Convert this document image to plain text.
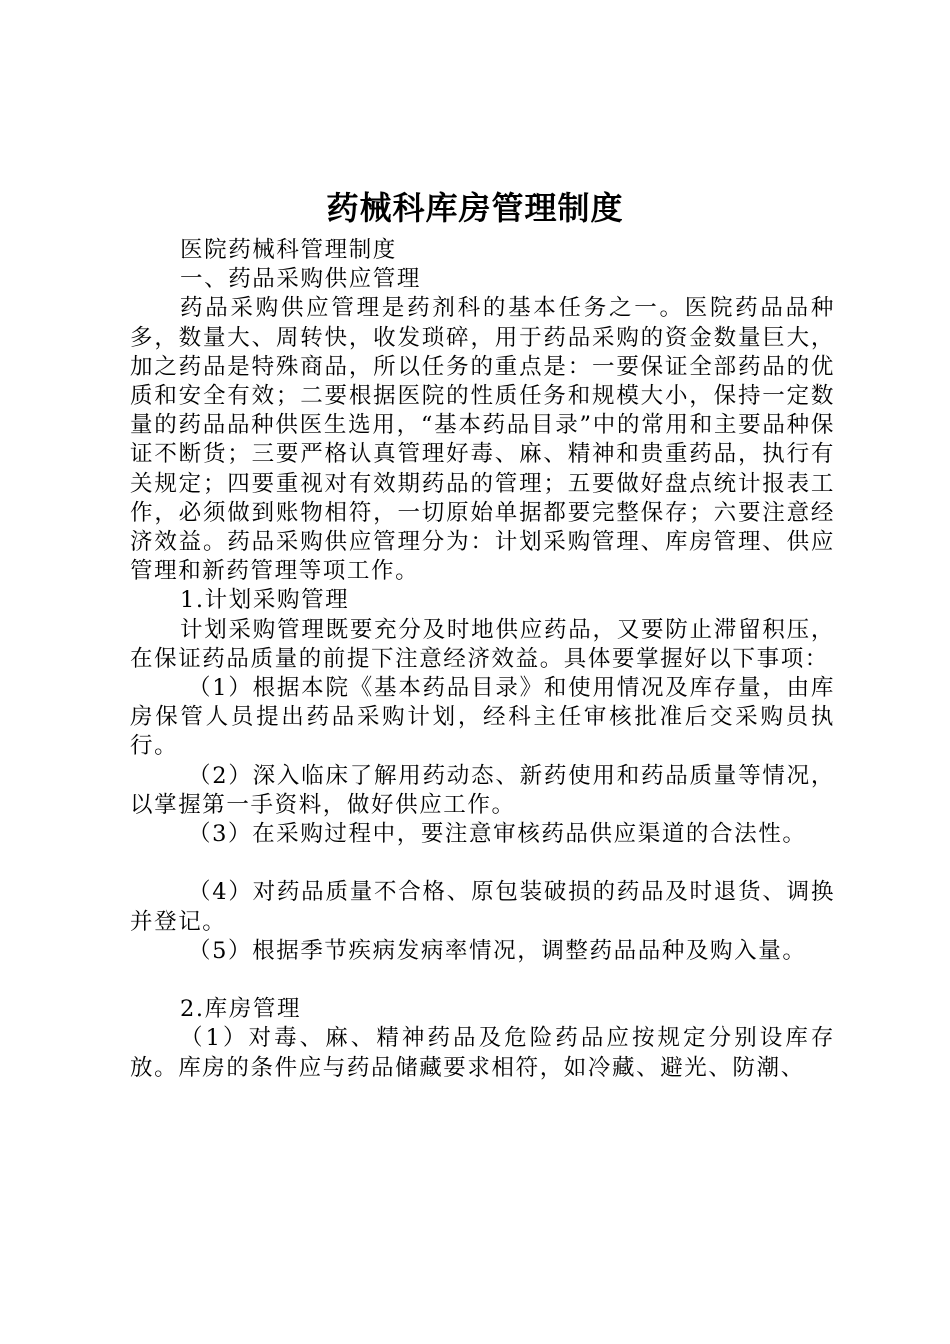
药械科库房管理制度

医院药械科管理制度

一、药品采购供应管理

药品采购供应管理是药剂科的基本任务之一。医院药品品种多，数量大、周转快，收发琐碎，用于药品采购的资金数量巨大，加之药品是特殊商品，所以任务的重点是：一要保证全部药品的优质和安全有效；二要根据医院的性质任务和规模大小，保持一定数量的药品品种供医生选用，“基本药品目录”中的常用和主要品种保证不断货；三要严格认真管理好毒、麻、精神和贵重药品，执行有关规定；四要重视对有效期药品的管理；五要做好盘点统计报表工作，必须做到账物相符，一切原始单据都要完整保存；六要注意经济效益。药品采购供应管理分为：计划采购管理、库房管理、供应管理和新药管理等项工作。

1.计划采购管理

计划采购管理既要充分及时地供应药品，又要防止滞留积压，在保证药品质量的前提下注意经济效益。具体要掌握好以下事项：

（1）根据本院《基本药品目录》和使用情况及库存量，由库房保管人员提出药品采购计划，经科主任审核批准后交采购员执行。

（2）深入临床了解用药动态、新药使用和药品质量等情况，以掌握第一手资料，做好供应工作。

（3）在采购过程中，要注意审核药品供应渠道的合法性。

（4）对药品质量不合格、原包装破损的药品及时退货、调换并登记。

（5）根据季节疾病发病率情况，调整药品品种及购入量。

2.库房管理

（1）对毒、麻、精神药品及危险药品应按规定分别设库存放。库房的条件应与药品储藏要求相符，如冷藏、避光、防潮、
